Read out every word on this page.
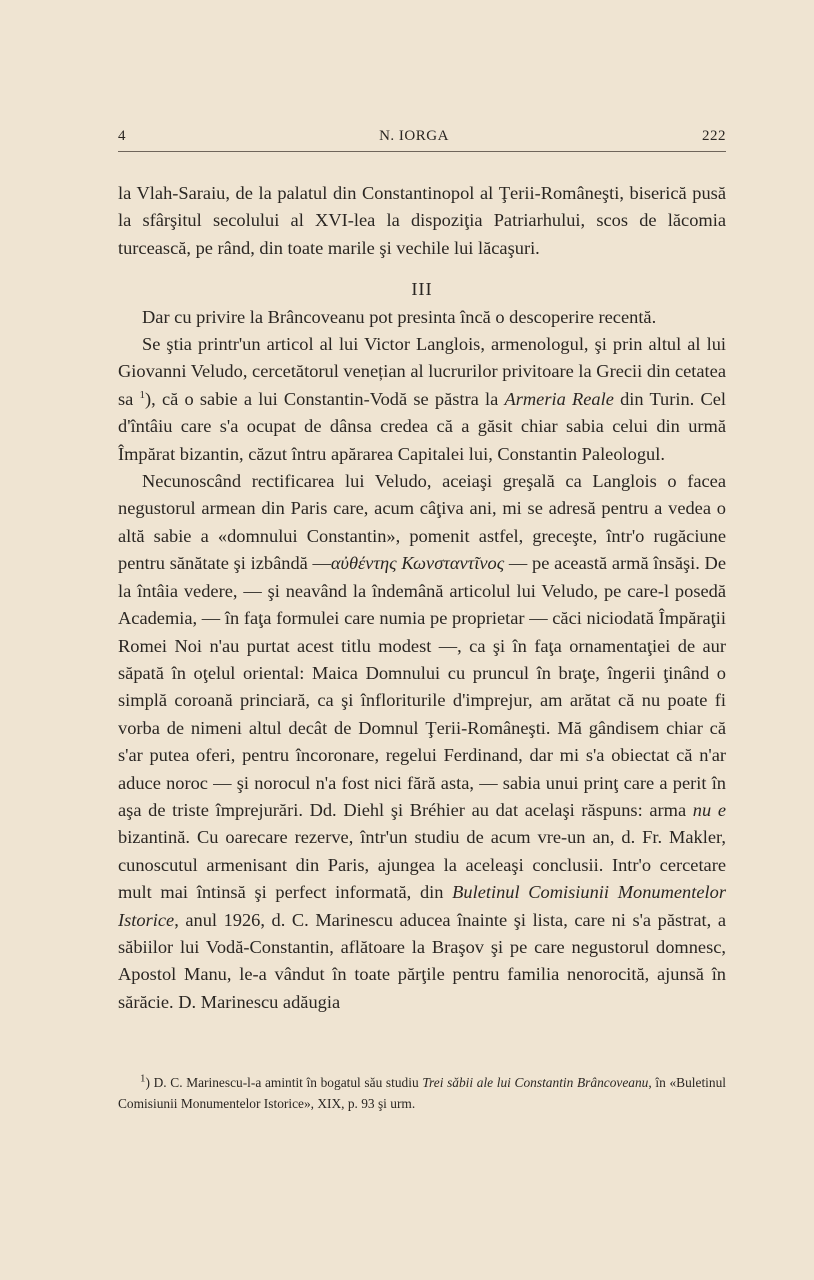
4	N. IORGA	222

la Vlah-Saraiu, de la palatul din Constantinopol al Ţerii-Româneşti, biserică pusă la sfârşitul secolului al XVI-lea la dispoziţia Patriarhului, scos de lăcomia turcească, pe rând, din toate marile şi vechile lui lăcaşuri.

III

Dar cu privire la Brâncoveanu pot presinta încă o descoperire recentă.

Se ştia printr'un articol al lui Victor Langlois, armenologul, şi prin altul al lui Giovanni Veludo, cercetătorul venețian al lucrurilor privitoare la Grecii din cetatea sa $^1$), că o sabie a lui Constantin-Vodă se păstra la Armeria Reale din Turin. Cel d'întâiu care s'a ocupat de dânsa credea că a găsit chiar sabia celui din urmă Împărat bizantin, căzut întru apărarea Capitalei lui, Constantin Paleologul.

Necunoscând rectificarea lui Veludo, aceiaşi greşală ca Langlois o facea negustorul armean din Paris care, acum câţiva ani, mi se adresă pentru a vedea o altă sabie a «domnului Constantin», pomenit astfel, greceşte, într'o rugăciune pentru sănătate şi izbândă —αὐθέντης Κωνσταντῖνος — pe această armă însăşi. De la întâia vedere, — şi neavând la îndemână articolul lui Veludo, pe care-l posedă Academia, — în faţa formulei care numia pe proprietar — căci niciodată Împăraţii Romei Noi n'au purtat acest titlu modest —, ca şi în faţa ornamentaţiei de aur săpată în oţelul oriental: Maica Domnului cu pruncul în braţe, îngerii ţinând o simplă coroană princiară, ca şi înfloriturile d'imprejur, am arătat că nu poate fi vorba de nimeni altul decât de Domnul Ţerii-Româneşti. Mă gândisem chiar că s'ar putea oferi, pentru încoronare, regelui Ferdinand, dar mi s'a obiectat că n'ar aduce noroc — şi norocul n'a fost nici fără asta, — sabia unui prinţ care a perit în aşa de triste împrejurări. Dd. Diehl şi Bréhier au dat acelaşi răspuns: arma nu e bizantină. Cu oarecare rezerve, într'un studiu de acum vre-un an, d. Fr. Makler, cunoscutul armenisant din Paris, ajungea la aceleaşi conclusii. Intr'o cercetare mult mai întinsă şi perfect informată, din Buletinul Comisiunii Monumentelor Istorice, anul 1926, d. C. Marinescu aducea înainte şi lista, care ni s'a păstrat, a săbiilor lui Vodă-Constantin, aflătoare la Braşov şi pe care negustorul domnesc, Apostol Manu, le-a vândut în toate părţile pentru familia nenorocită, ajunsă în sărăcie. D. Marinescu adăugia

$^1$) D. C. Marinescu-l-a amintit în bogatul său studiu Trei săbii ale lui Constantin Brâncoveanu, în «Buletinul Comisiunii Monumentelor Istorice», XIX, p. 93 şi urm.
